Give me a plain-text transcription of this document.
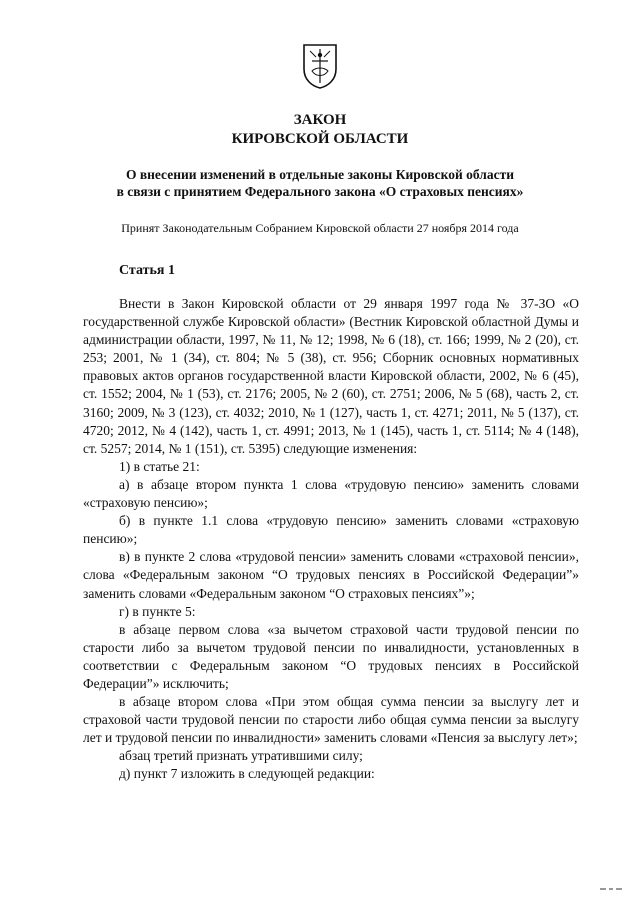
ЗАКОН
КИРОВСКОЙ ОБЛАСТИ
О внесении изменений в отдельные законы Кировской области
в связи с принятием Федерального закона «О страховых пенсиях»
Принят Законодательным Собранием Кировской области 27 ноября 2014 года
Статья 1

Внести в Закон Кировской области от 29 января 1997 года № 37-ЗО «О государственной службе Кировской области» (Вестник Кировской областной Думы и администрации области, 1997, № 11, № 12; 1998, № 6 (18), ст. 166; 1999, № 2 (20), ст. 253; 2001, № 1 (34), ст. 804; № 5 (38), ст. 956; Сборник основных нормативных правовых актов органов государственной власти Кировской области, 2002, № 6 (45), ст. 1552; 2004, № 1 (53), ст. 2176; 2005, № 2 (60), ст. 2751; 2006, № 5 (68), часть 2, ст. 3160; 2009, № 3 (123), ст. 4032; 2010, № 1 (127), часть 1, ст. 4271; 2011, № 5 (137), ст. 4720; 2012, № 4 (142), часть 1, ст. 4991; 2013, № 1 (145), часть 1, ст. 5114; № 4 (148), ст. 5257; 2014, № 1 (151), ст. 5395) следующие изменения:

1) в статье 21:

а) в абзаце втором пункта 1 слова «трудовую пенсию» заменить словами «страховую пенсию»;

б) в пункте 1.1 слова «трудовую пенсию» заменить словами «страховую пенсию»;

в) в пункте 2 слова «трудовой пенсии» заменить словами «страховой пенсии», слова «Федеральным законом “О трудовых пенсиях в Российской Федерации”» заменить словами «Федеральным законом “О страховых пенсиях”»;

г) в пункте 5:

в абзаце первом слова «за вычетом страховой части трудовой пенсии по старости либо за вычетом трудовой пенсии по инвалидности, установленных в соответствии с Федеральным законом “О трудовых пенсиях в Российской Федерации”» исключить;

в абзаце втором слова «При этом общая сумма пенсии за выслугу лет и страховой части трудовой пенсии по старости либо общая сумма пенсии за выслугу лет и трудовой пенсии по инвалидности» заменить словами «Пенсия за выслугу лет»;

абзац третий признать утратившими силу;

д) пункт 7 изложить в следующей редакции:
